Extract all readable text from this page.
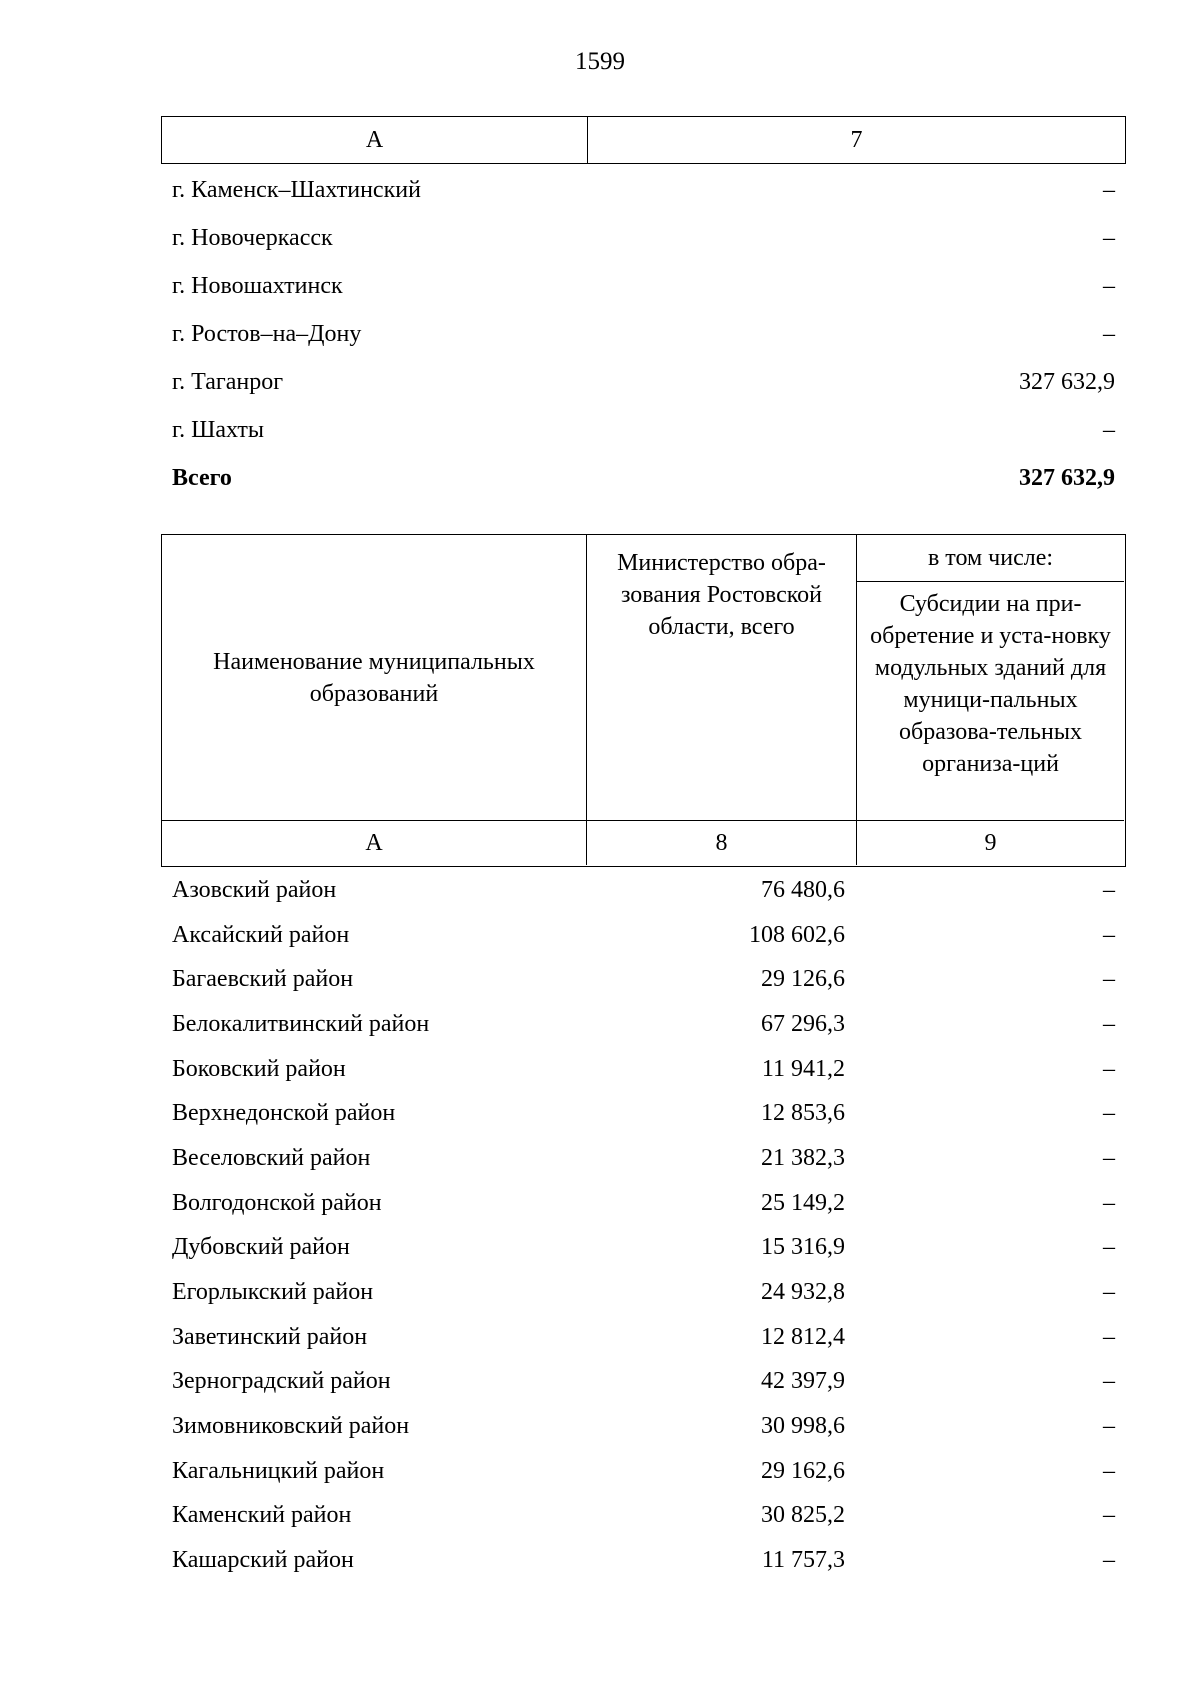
1599
А	7
г. Каменск–Шахтинский	–
г. Новочеркасск	–
г. Новошахтинск	–
г. Ростов–на–Дону	–
г. Таганрог	327 632,9
г. Шахты	–
Всего	327 632,9
Наименование муниципальных образований
Министерство обра-зования Ростовской области, всего
в том числе:
Субсидии на при-обретение и уста-новку модульных зданий для муници-пальных образова-тельных организа-ций
А	8	9
Азовский район	76 480,6	–
Аксайский район	108 602,6	–
Багаевский район	29 126,6	–
Белокалитвинский район	67 296,3	–
Боковский район	11 941,2	–
Верхнедонской район	12 853,6	–
Веселовский район	21 382,3	–
Волгодонской район	25 149,2	–
Дубовский район	15 316,9	–
Егорлыкский район	24 932,8	–
Заветинский район	12 812,4	–
Зерноградский район	42 397,9	–
Зимовниковский район	30 998,6	–
Кагальницкий район	29 162,6	–
Каменский район	30 825,2	–
Кашарский район	11 757,3	–
